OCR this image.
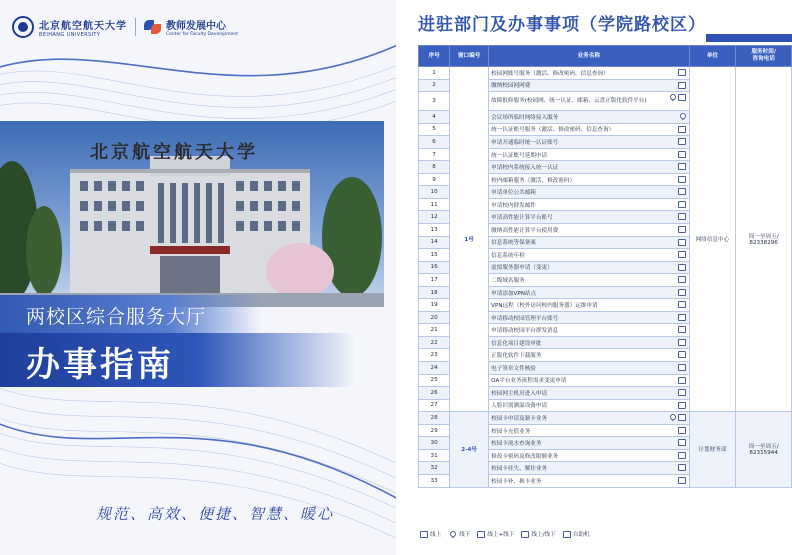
北京航空航天大学
BEIHANG UNIVERSITY
教师发展中心
Center for Faculty Development
北京航空航天大学
两校区综合服务大厅
办事指南
规范、高效、便捷、智慧、暖心
进驻部门及办事事项（学院路校区）
序号	窗口编号	业务名称	单位	服务时间/
咨询电话
1	1号	校园网账号服务（激活、修改密码、信息查询）	网络信息中心	周一至周五/
82338296
2		缴纳校园网网费		

3		故障报修服务(校园网、统一认证、邮箱、云盘正版化软件平台)		

4		会议场所临时网络接入服务		

5		统一认证账号服务（激活、修改密码、信息查询）		

6		申请开通临时统一认证账号		

7		统一认证账号延期申请		

8		申请校内系统接入统一认证		

9		校内邮箱服务（激活、修改密码）		

10		申请单位公共邮箱		

11		申请校内群发邮件		

12		申请高性能计算平台账号		

13		缴纳高性能计算平台使用费		

14		信息系统等保备案		

15		信息系统年检		

16		虚拟服务器申请（变更）		

17		二级域名服务		

18		申请添加VPN站点		

19		VPN远程（校外访问校内服务器）运维申请		

20		申请移动校园管理平台账号		

21		申请移动校园平台群发消息		

22		信息化项目建设审批		

23		正版化软件下载服务		

24		电子签章文件核验		

25		OA平台业务流程需求变更申请		

26		校园网主机房进入申请		

27		人脸识别测温设备申请		

28	2-4号	校园卡申请及制卡业务	计划财务部	周一至周五/
82315944
29		校园卡充值业务		

30		校园卡流水查询业务		

31		修改卡密码及修改限额业务		

32		校园卡挂失、解挂业务		

33		校园卡补、换卡业务		
线上	线下	线上+线下	线上/线下	自助机
